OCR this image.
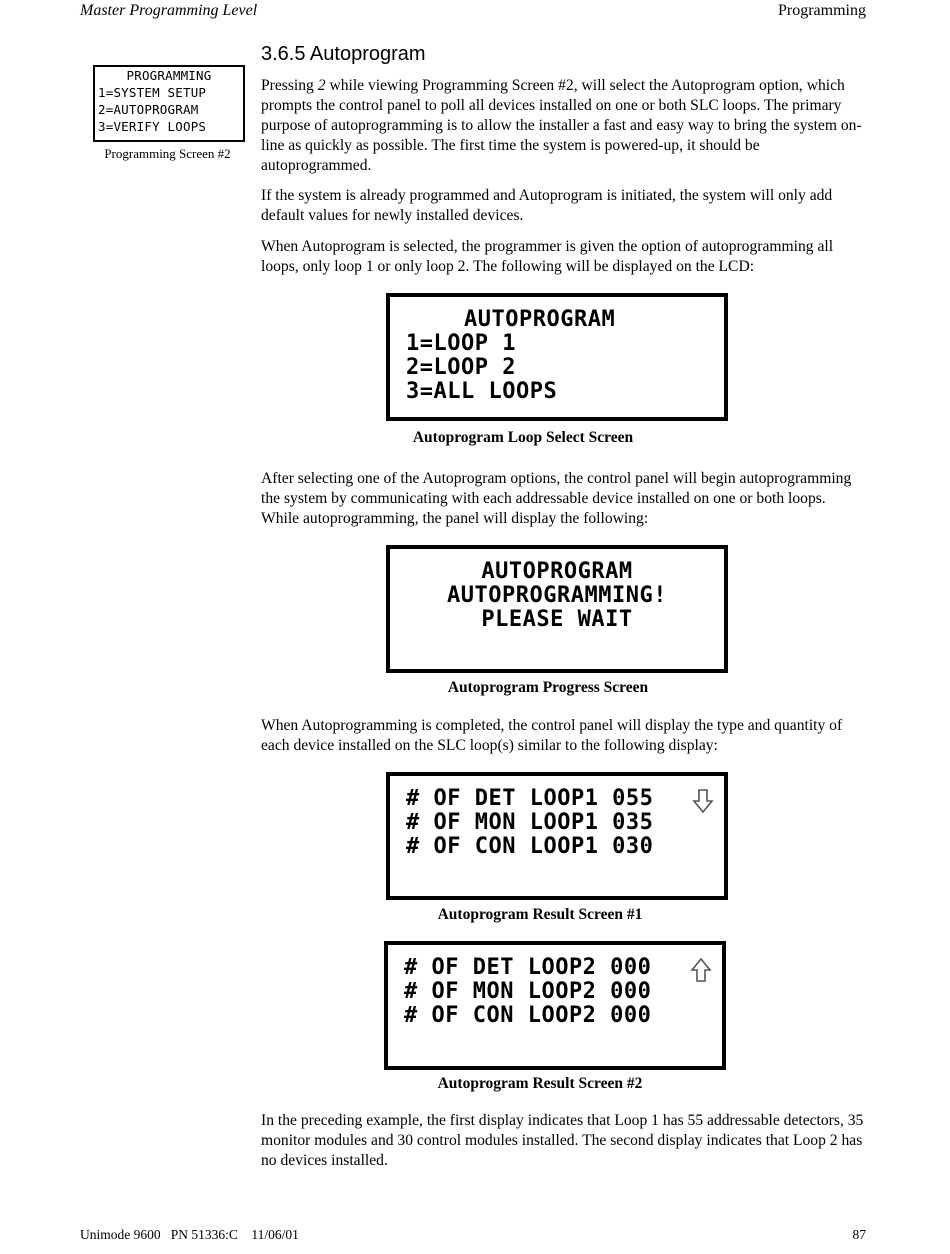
Master Programming Level	Programming
PROGRAMMING
1=SYSTEM SETUP
2=AUTOPROGRAM
3=VERIFY LOOPS
Programming Screen #2
3.6.5 Autoprogram
Pressing 2 while viewing Programming Screen #2, will select the Autoprogram option, which prompts the control panel to poll all devices installed on one or both SLC loops. The primary purpose of autoprogramming is to allow the installer a fast and easy way to bring the system on-line as quickly as possible. The first time the system is powered-up, it should be autoprogrammed.
If the system is already programmed and Autoprogram is initiated, the system will only add default values for newly installed devices.
When Autoprogram is selected, the programmer is given the option of autoprogramming all loops, only loop 1 or only loop 2. The following will be displayed on the LCD:
AUTOPROGRAM
1=LOOP 1
2=LOOP 2
3=ALL LOOPS
Autoprogram Loop Select Screen
After selecting one of the Autoprogram options, the control panel will begin autoprogramming the system by communicating with each addressable device installed on one or both loops. While autoprogramming, the panel will display the following:
AUTOPROGRAM
AUTOPROGRAMMING!
PLEASE WAIT
Autoprogram Progress Screen
When Autoprogramming is completed, the control panel will display the type and quantity of each device installed on the SLC loop(s) similar to the following display:
# OF DET LOOP1 055
# OF MON LOOP1 035
# OF CON LOOP1 030
Autoprogram Result Screen #1
# OF DET LOOP2 000
# OF MON LOOP2 000
# OF CON LOOP2 000
Autoprogram Result Screen #2
In the preceding example, the first display indicates that Loop 1 has 55 addressable detectors, 35 monitor modules and 30 control modules installed. The second display indicates that Loop 2 has no devices installed.
Unimode 9600   PN 51336:C    11/06/01	87
